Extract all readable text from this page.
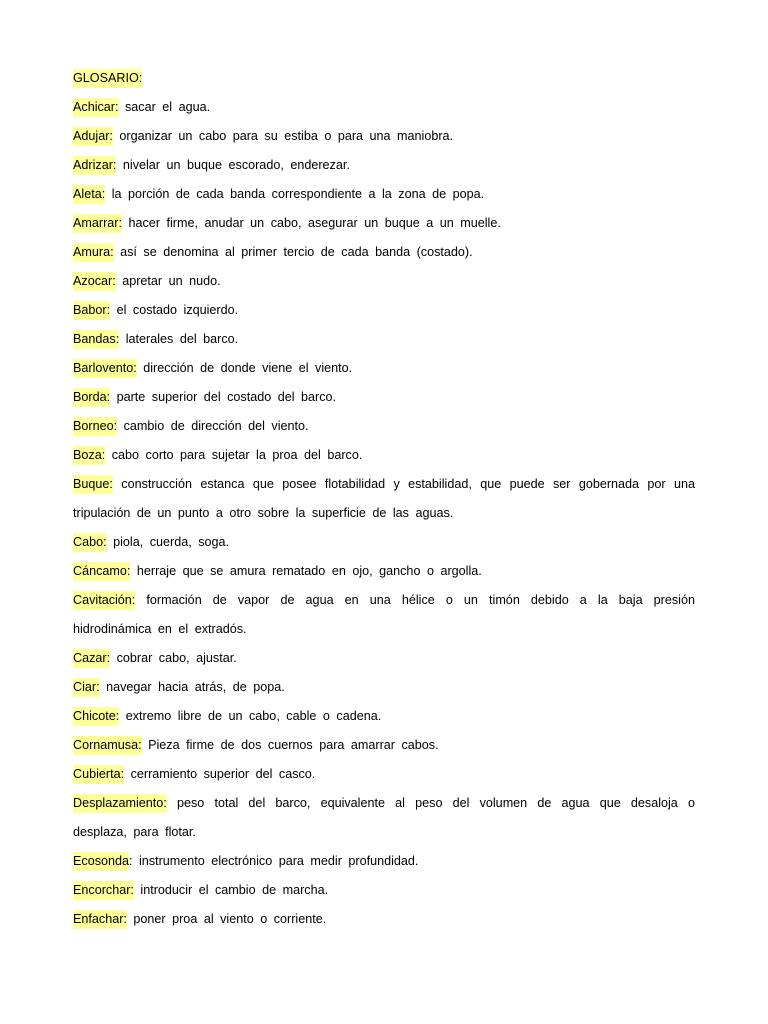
GLOSARIO:

Achicar: sacar el agua.

Adujar: organizar un cabo para su estiba o para una maniobra.

Adrizar: nivelar un buque escorado, enderezar.

Aleta: la porción de cada banda correspondiente a la zona de popa.

Amarrar: hacer firme, anudar un cabo, asegurar un buque a un muelle.

Amura: así se denomina al primer tercio de cada banda (costado).

Azocar: apretar un nudo.

Babor: el costado izquierdo.

Bandas: laterales del barco.

Barlovento: dirección de donde viene el viento.

Borda: parte superior del costado del barco.

Borneo: cambio de dirección del viento.

Boza: cabo corto para sujetar la proa del barco.

Buque: construcción estanca que posee flotabilidad y estabilidad, que puede ser gobernada por una tripulación de un punto a otro sobre la superficie de las aguas.

Cabo: piola, cuerda, soga.

Cáncamo: herraje que se amura rematado en ojo, gancho o argolla.

Cavitación: formación de vapor de agua en una hélice o un timón debido a la baja presión hidrodinámica en el extradós.

Cazar: cobrar cabo, ajustar.

Ciar: navegar hacia atrás, de popa.

Chicote: extremo libre de un cabo, cable o cadena.

Cornamusa: Pieza firme de dos cuernos para amarrar cabos.

Cubierta: cerramiento superior del casco.

Desplazamiento: peso total del barco, equivalente al peso del volumen de agua que desaloja o desplaza, para flotar.

Ecosonda: instrumento electrónico para medir profundidad.

Encorchar: introducir el cambio de marcha.

Enfachar: poner proa al viento o corriente.
